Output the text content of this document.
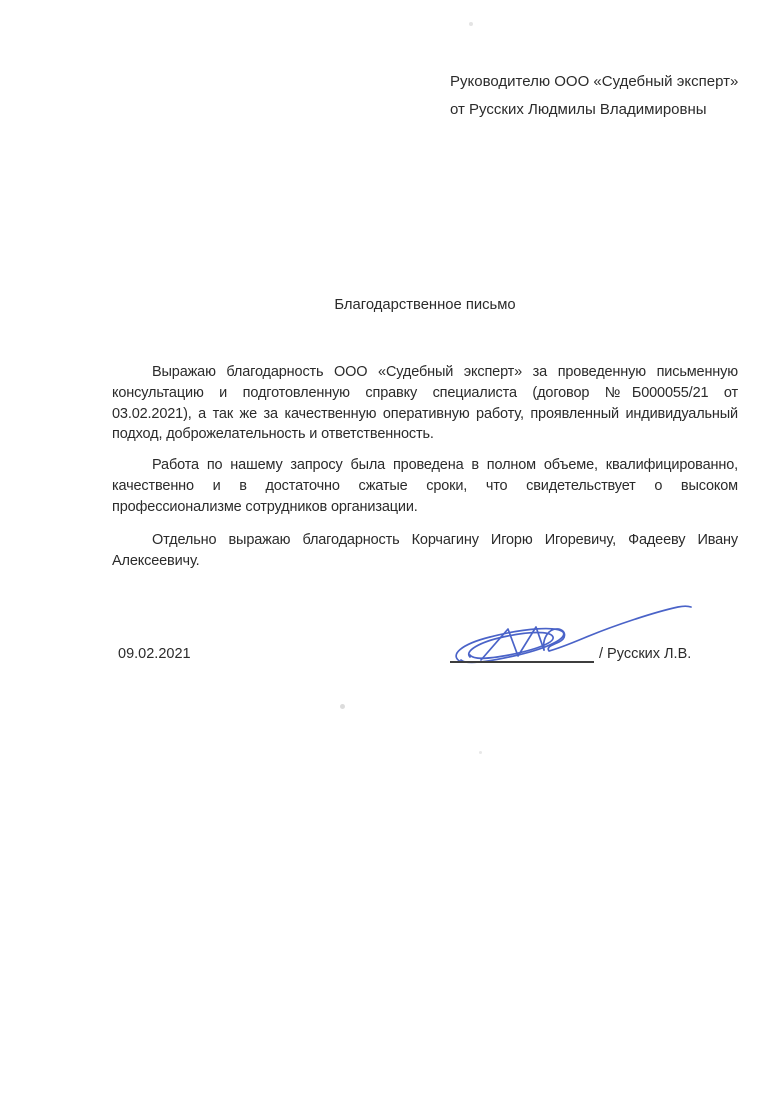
Руководителю ООО «Судебный эксперт»
от Русских Людмилы Владимировны
Благодарственное письмо
Выражаю благодарность ООО «Судебный эксперт» за проведенную письменную
консультацию и подготовленную справку специалиста (договор №Б000055/21 от
03.02.2021), а так же за качественную оперативную работу, проявленный индивидуальный
подход, доброжелательность и ответственность.
Работа по нашему запросу была проведена в полном объеме, квалифицированно,
качественно и в достаточно сжатые сроки, что свидетельствует о высоком
профессионализме сотрудников организации.
Отдельно выражаю благодарность Корчагину Игорю Игоревичу, Фадееву Ивану
Алексеевичу.
09.02.2021	/ Русских Л.В.
